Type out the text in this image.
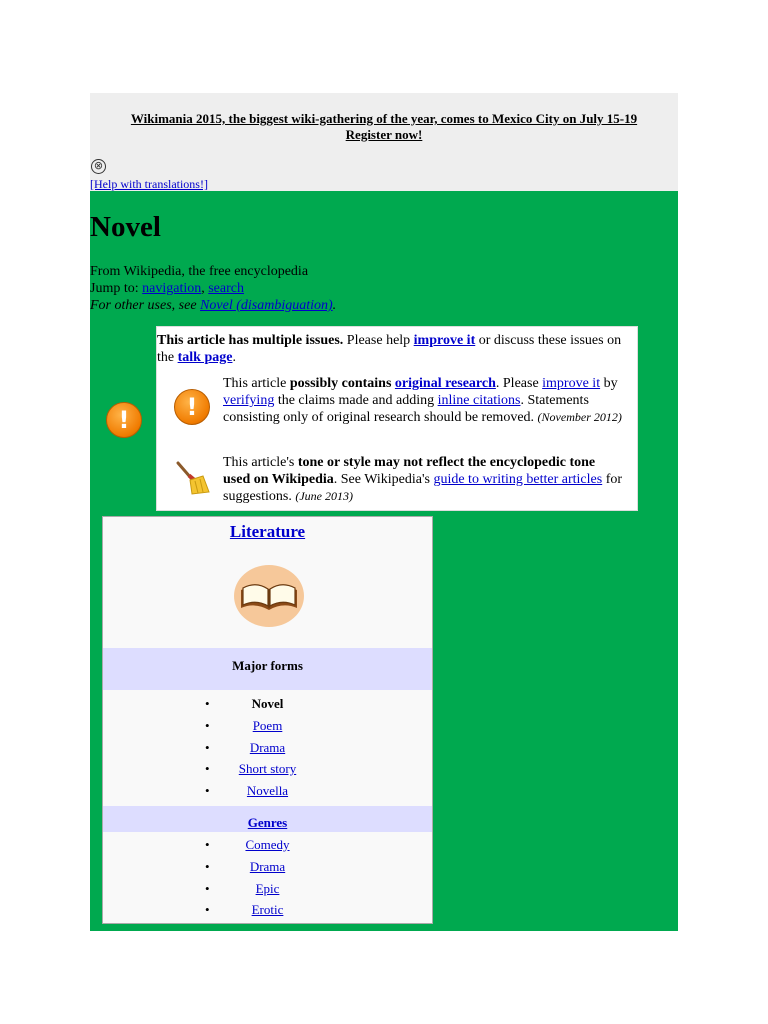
Wikimania 2015, the biggest wiki-gathering of the year, comes to Mexico City on July 15-19
Register now!
⊗
[Help with translations!]
Novel
From Wikipedia, the free encyclopedia
Jump to: navigation, search
For other uses, see Novel (disambiguation).
!
This article has multiple issues. Please help improve it or discuss these issues on the talk page.
!
This article possibly contains original research. Please improve it by verifying the claims made and adding inline citations. Statements consisting only of original research should be removed. (November 2012)
This article's tone or style may not reflect the encyclopedic tone used on Wikipedia. See Wikipedia's guide to writing better articles for suggestions. (June 2013)
Literature
Major forms
•	Novel
•	Poem
•	Drama
• Short story
•	Novella
Genres
•	Comedy
•	Drama
•	Epic
•	Erotic
